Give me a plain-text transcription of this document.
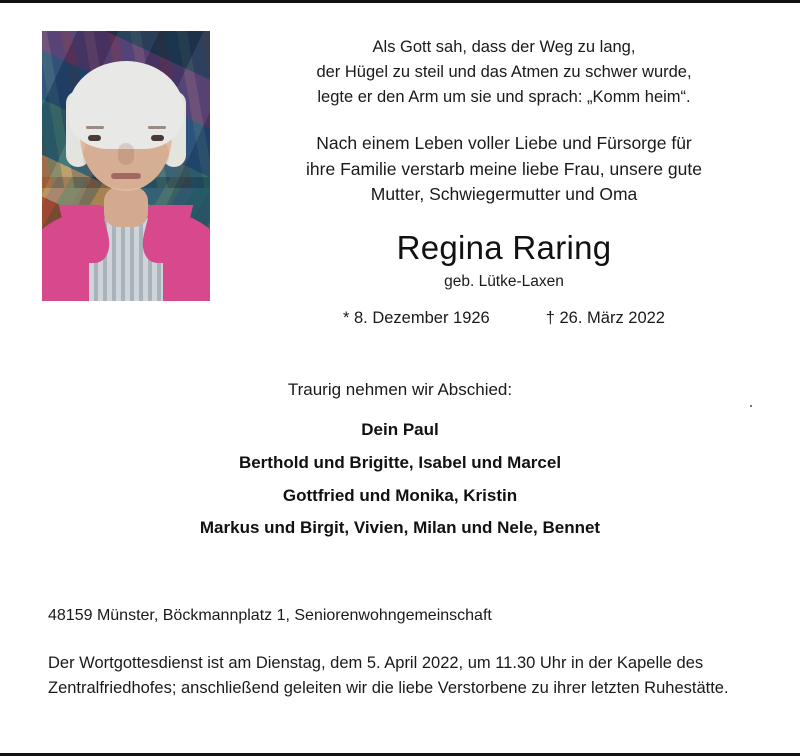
Als Gott sah, dass der Weg zu lang,
der Hügel zu steil und das Atmen zu schwer wurde,
legte er den Arm um sie und sprach: „Komm heim“.
Nach einem Leben voller Liebe und Fürsorge für
ihre Familie verstarb meine liebe Frau, unsere gute
Mutter, Schwiegermutter und Oma
Regina Raring
geb. Lütke-Laxen
* 8. Dezember 1926	† 26. März 2022
Traurig nehmen wir Abschied:
Dein Paul
Berthold und Brigitte, Isabel und Marcel
Gottfried und Monika, Kristin
Markus und Birgit, Vivien, Milan und Nele, Bennet
48159 Münster, Böckmannplatz 1, Seniorenwohngemeinschaft
Der Wortgottesdienst ist am Dienstag, dem 5. April 2022, um 11.30 Uhr in der Kapelle des Zentralfriedhofes; anschließend geleiten wir die liebe Verstorbene zu ihrer letzten Ruhestätte.
